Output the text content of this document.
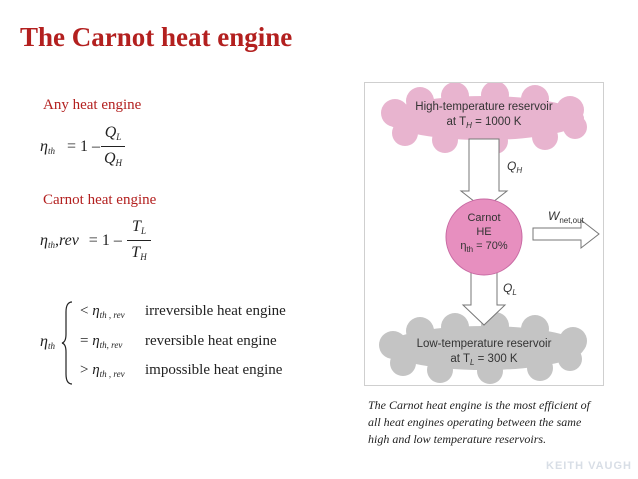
The Carnot heat engine
Any heat engine
ηth = 1 –
QL
QH
Carnot heat engine
ηth,rev = 1 –
TL
TH
ηth
< $\eta_{th , rev}$ irreversible heat engine
= $\eta_{th, rev}$ reversible heat engine
> $\eta_{th , rev}$ impossible heat engine
High-temperature reservoir
at $T_H = 1000$ K
$Q_H$
Carnot
HE
$\eta_{th} = 70\%$
$W_{net,out}$
$Q_L$
Low-temperature reservoir
at $T_L = 300$ K
The Carnot heat engine is the most efficient of all heat engines operating between the same high and low temperature reservoirs.
KEITH VAUGH
